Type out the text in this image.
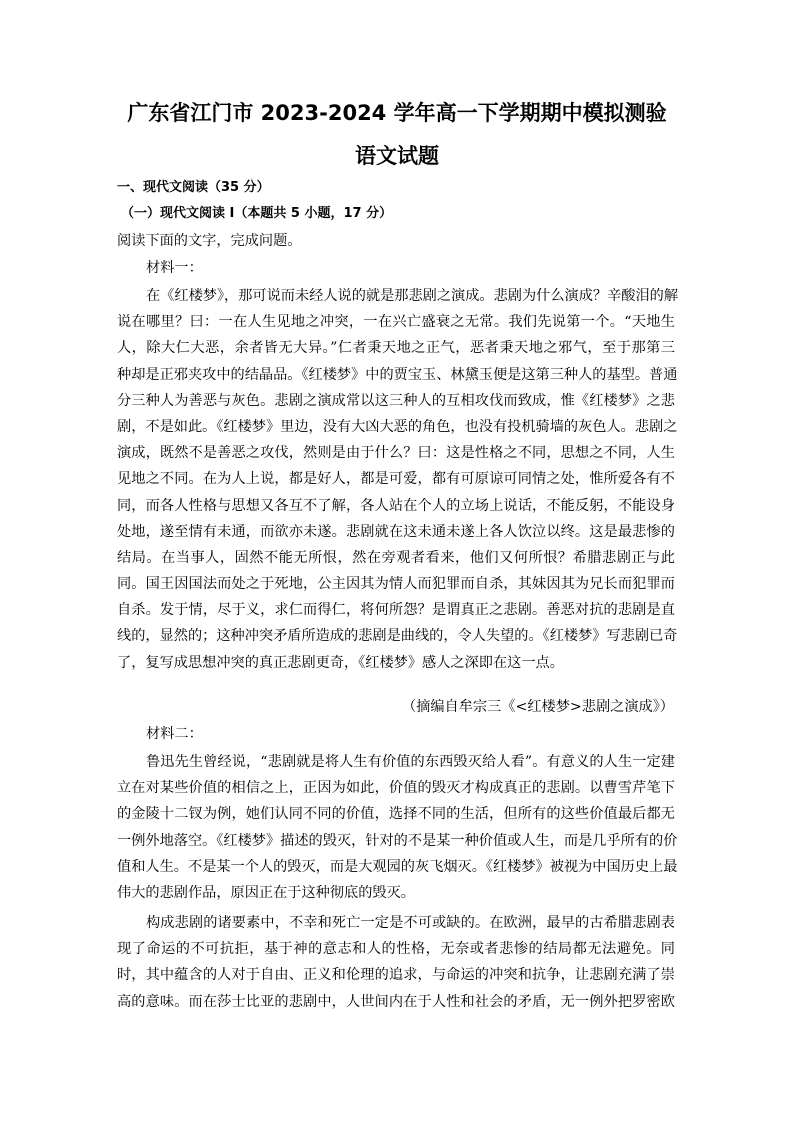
广东省江门市 2023-2024 学年高一下学期期中模拟测验
语文试题
一、现代文阅读（35 分）
（一）现代文阅读 I（本题共 5 小题，17 分）
阅读下面的文字，完成问题。
材料一：
在《红楼梦》，那可说而未经人说的就是那悲剧之演成。悲剧为什么演成？辛酸泪的解
说在哪里？曰：一在人生见地之冲突，一在兴亡盛衰之无常。我们先说第一个。“天地生
人，除大仁大恶，余者皆无大异。”仁者秉天地之正气，恶者秉天地之邪气，至于那第三
种却是正邪夹攻中的结晶品。《红楼梦》中的贾宝玉、林黛玉便是这第三种人的基型。普通
分三种人为善恶与灰色。悲剧之演成常以这三种人的互相攻伐而致成，惟《红楼梦》之悲
剧，不是如此。《红楼梦》里边，没有大凶大恶的角色，也没有投机骑墙的灰色人。悲剧之
演成，既然不是善恶之攻伐，然则是由于什么？曰：这是性格之不同，思想之不同，人生
见地之不同。在为人上说，都是好人，都是可爱，都有可原谅可同情之处，惟所爱各有不
同，而各人性格与思想又各互不了解，各人站在个人的立场上说话，不能反躬，不能设身
处地，遂至情有未通，而欲亦未遂。悲剧就在这未通未遂上各人饮泣以终。这是最悲惨的
结局。在当事人，固然不能无所恨，然在旁观者看来，他们又何所恨？希腊悲剧正与此
同。国王因国法而处之于死地，公主因其为情人而犯罪而自杀，其妹因其为兄长而犯罪而
自杀。发于情，尽于义，求仁而得仁，将何所怨？是谓真正之悲剧。善恶对抗的悲剧是直
线的，显然的；这种冲突矛盾所造成的悲剧是曲线的，令人失望的。《红楼梦》写悲剧已奇
了，复写成思想冲突的真正悲剧更奇，《红楼梦》感人之深即在这一点。
（摘编自牟宗三《<红楼梦>悲剧之演成》）
材料二：
鲁迅先生曾经说，“悲剧就是将人生有价值的东西毁灭给人看”。有意义的人生一定建
立在对某些价值的相信之上，正因为如此，价值的毁灭才构成真正的悲剧。以曹雪芹笔下
的金陵十二钗为例，她们认同不同的价值，选择不同的生活，但所有的这些价值最后都无
一例外地落空。《红楼梦》描述的毁灭，针对的不是某一种价值或人生，而是几乎所有的价
值和人生。不是某一个人的毁灭，而是大观园的灰飞烟灭。《红楼梦》被视为中国历史上最
伟大的悲剧作品，原因正在于这种彻底的毁灭。
构成悲剧的诸要素中，不幸和死亡一定是不可或缺的。在欧洲，最早的古希腊悲剧表
现了命运的不可抗拒，基于神的意志和人的性格，无奈或者悲惨的结局都无法避免。同
时，其中蕴含的人对于自由、正义和伦理的追求，与命运的冲突和抗争，让悲剧充满了崇
高的意味。而在莎士比亚的悲剧中，人世间内在于人性和社会的矛盾，无一例外把罗密欧
